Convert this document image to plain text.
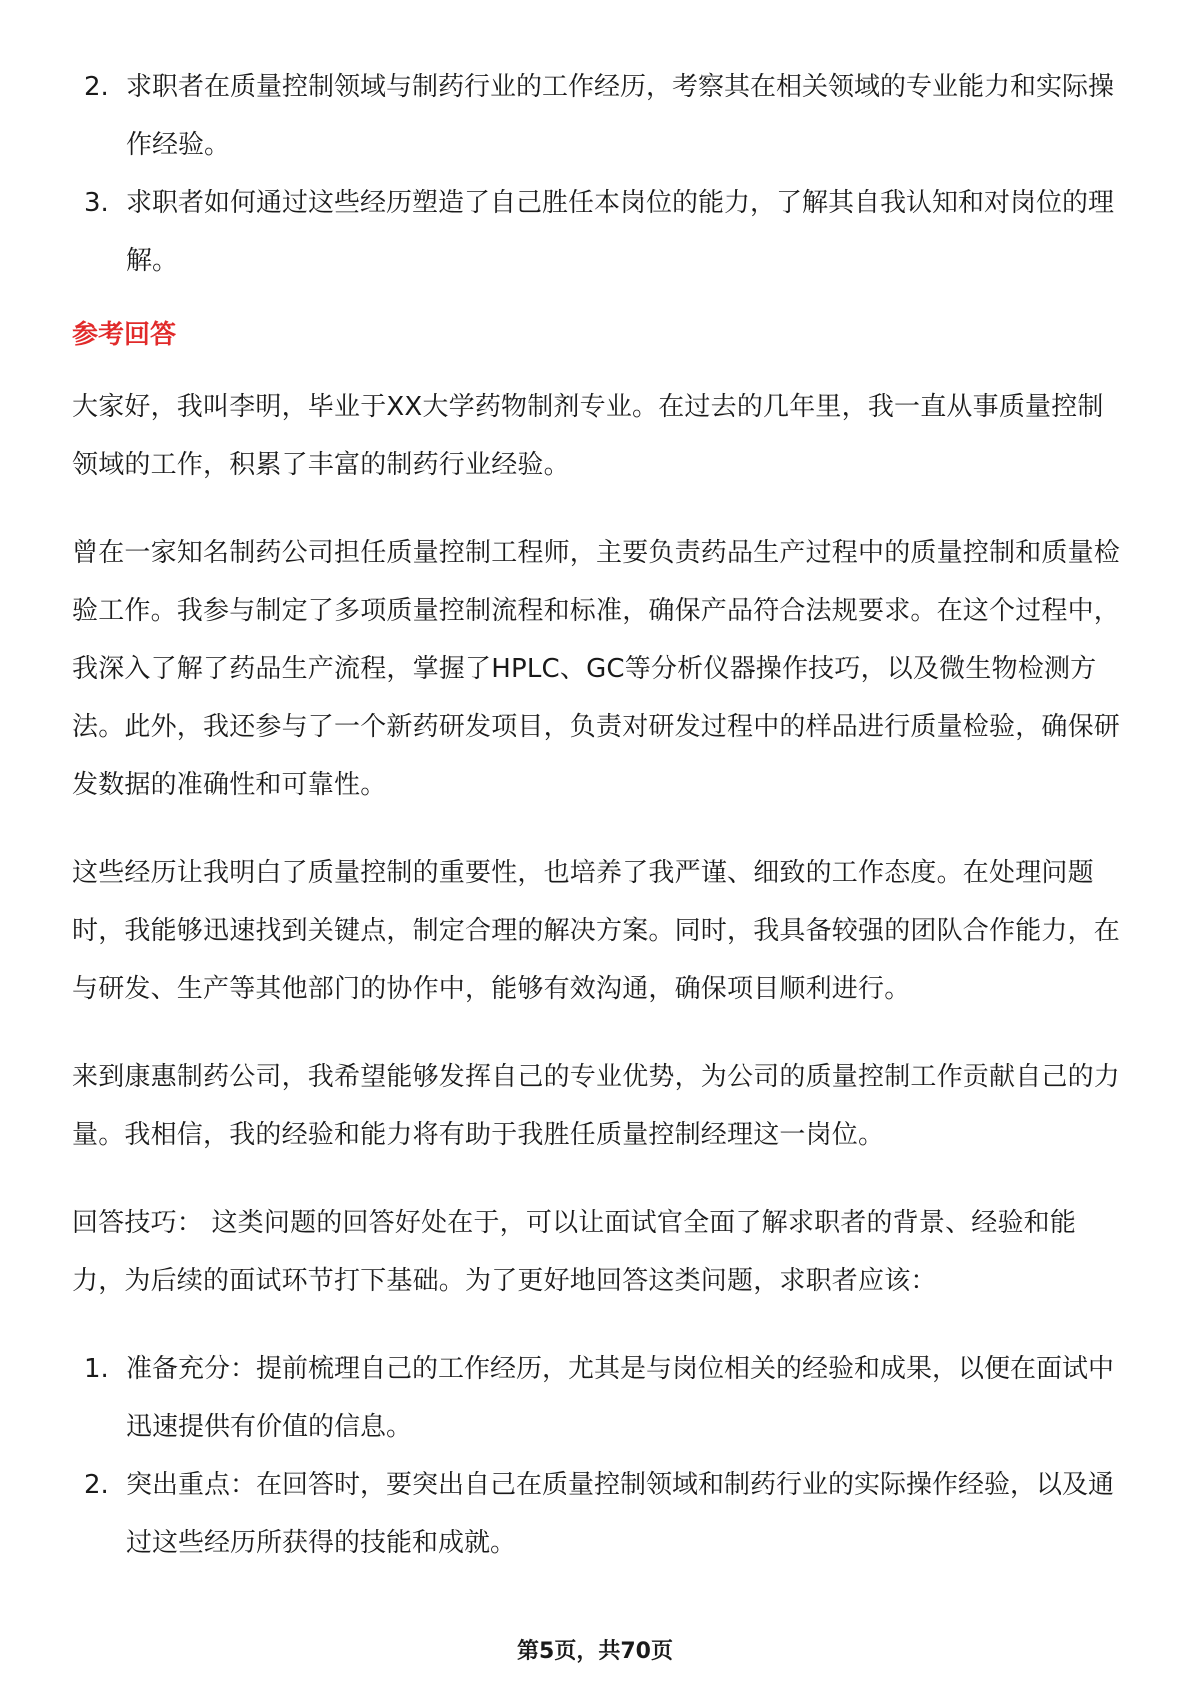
2. 求职者在质量控制领域与制药行业的工作经历，考察其在相关领域的专业能力和实际操作经验。
3. 求职者如何通过这些经历塑造了自己胜任本岗位的能力，了解其自我认知和对岗位的理解。
参考回答

大家好，我叫李明，毕业于XX大学药物制剂专业。在过去的几年里，我一直从事质量控制领域的工作，积累了丰富的制药行业经验。

曾在一家知名制药公司担任质量控制工程师，主要负责药品生产过程中的质量控制和质量检验工作。我参与制定了多项质量控制流程和标准，确保产品符合法规要求。在这个过程中，我深入了解了药品生产流程，掌握了HPLC、GC等分析仪器操作技巧，以及微生物检测方法。此外，我还参与了一个新药研发项目，负责对研发过程中的样品进行质量检验，确保研发数据的准确性和可靠性。

这些经历让我明白了质量控制的重要性，也培养了我严谨、细致的工作态度。在处理问题时，我能够迅速找到关键点，制定合理的解决方案。同时，我具备较强的团队合作能力，在与研发、生产等其他部门的协作中，能够有效沟通，确保项目顺利进行。

来到康惠制药公司，我希望能够发挥自己的专业优势，为公司的质量控制工作贡献自己的力量。我相信，我的经验和能力将有助于我胜任质量控制经理这一岗位。

回答技巧： 这类问题的回答好处在于，可以让面试官全面了解求职者的背景、经验和能力，为后续的面试环节打下基础。为了更好地回答这类问题，求职者应该：

1. 准备充分：提前梳理自己的工作经历，尤其是与岗位相关的经验和成果，以便在面试中迅速提供有价值的信息。
2. 突出重点：在回答时，要突出自己在质量控制领域和制药行业的实际操作经验，以及通过这些经历所获得的技能和成就。
第5页，共70页
